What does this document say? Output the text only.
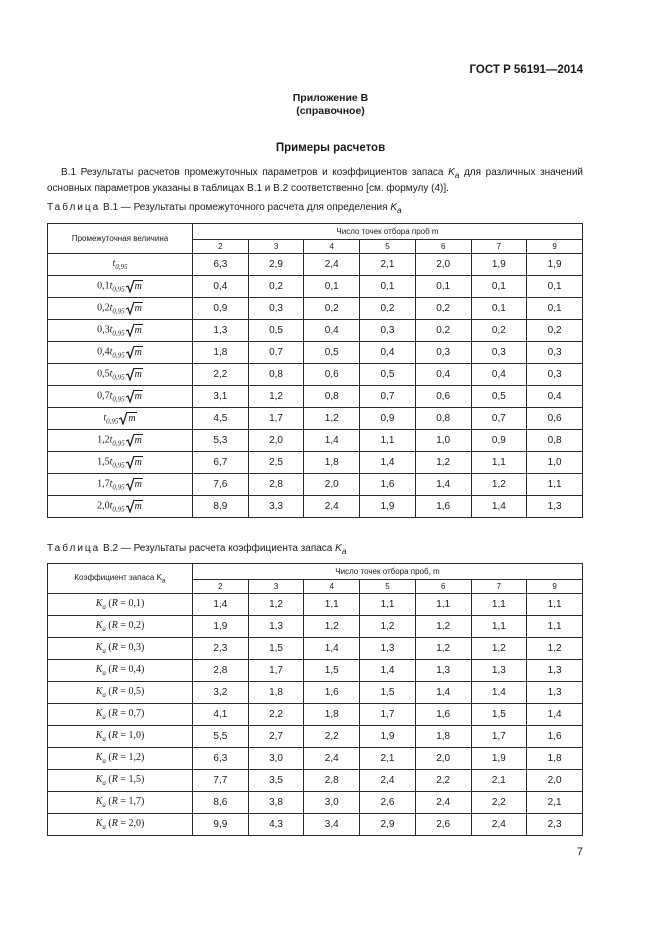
ГОСТ Р 56191—2014
Приложение В
(справочное)
Примеры расчетов
В.1 Результаты расчетов промежуточных параметров и коэффициентов запаса $K_a$ для различных значений основных параметров указаны в таблицах В.1 и В.2 соответственно [см. формулу (4)].
Таблица В.1 — Результаты промежуточного расчета для определения $K_a$
Промежуточная величина	Число точек отбора проб m						
	2	3	4	5	6	7	9
$t_{0,95}$	6,3	2,9	2,4	2,1	2,0	1,9	1,9
$0,1t_{0,95}$ m	0,4	0,2	0,1	0,1	0,1	0,1	0,1
$0,2t_{0,95}$ m	0,9	0,3	0,2	0,2	0,2	0,1	0,1
$0,3t_{0,95}$ m	1,3	0,5	0,4	0,3	0,2	0,2	0,2
$0,4t_{0,95}$ m	1,8	0,7	0,5	0,4	0,3	0,3	0,3
$0,5t_{0,95}$ m	2,2	0,8	0,6	0,5	0,4	0,4	0,3
$0,7t_{0,95}$ m	3,1	1,2	0,8	0,7	0,6	0,5	0,4
$t_{0,95}$ m	4,5	1,7	1,2	0,9	0,8	0,7	0,6
$1,2t_{0,95}$ m	5,3	2,0	1,4	1,1	1,0	0,9	0,8
$1,5t_{0,95}$ m	6,7	2,5	1,8	1,4	1,2	1,1	1,0
$1,7t_{0,95}$ m	7,6	2,8	2,0	1,6	1,4	1,2	1,1
$2,0t_{0,95}$ m	8,9	3,3	2,4	1,9	1,6	1,4	1,3
Таблица В.2 — Результаты расчета коэффициента запаса $K_a$
Коэффициент запаса $K_a$	Число точек отбора проб, m						
	2	3	4	5	6	7	9
$K_a$ (R = 0,1)	1,4	1,2	1,1	1,1	1,1	1,1	1,1
$K_a$ (R = 0,2)	1,9	1,3	1,2	1,2	1,2	1,1	1,1
$K_a$ (R = 0,3)	2,3	1,5	1,4	1,3	1,2	1,2	1,2
$K_a$ (R = 0,4)	2,8	1,7	1,5	1,4	1,3	1,3	1,3
$K_a$ (R = 0,5)	3,2	1,8	1,6	1,5	1,4	1,4	1,3
$K_a$ (R = 0,7)	4,1	2,2	1,8	1,7	1,6	1,5	1,4
$K_a$ (R = 1,0)	5,5	2,7	2,2	1,9	1,8	1,7	1,6
$K_a$ (R = 1,2)	6,3	3,0	2,4	2,1	2,0	1,9	1,8
$K_a$ (R = 1,5)	7,7	3,5	2,8	2,4	2,2	2,1	2,0
$K_a$ (R = 1,7)	8,6	3,8	3,0	2,6	2,4	2,2	2,1
$K_a$ (R = 2,0)	9,9	4,3	3,4	2,9	2,6	2,4	2,3
7
